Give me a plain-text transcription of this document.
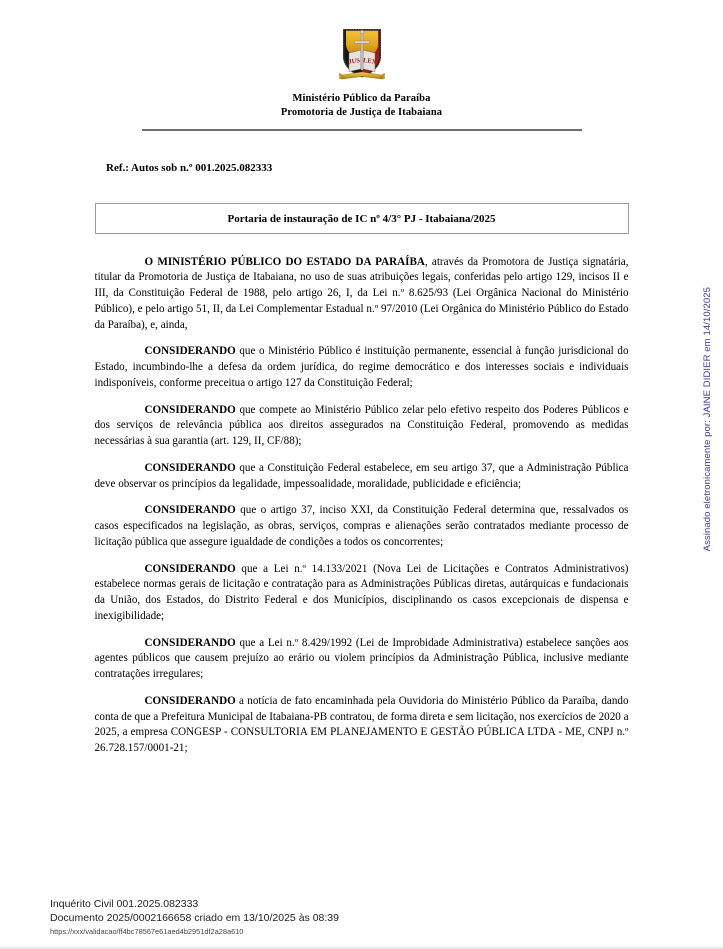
JUS LEX
Ministério Público da Paraíba
Promotoria de Justiça de Itabaiana
Ref.: Autos sob n.º 001.2025.082333
Portaria de instauração de IC nº 4/3° PJ - Itabaiana/2025

O MINISTÉRIO PÚBLICO DO ESTADO DA PARAÍBA, através da Promotora de Justiça signatária, titular da Promotoria de Justiça de Itabaiana, no uso de suas atribuições legais, conferidas pelo artigo 129, incisos II e III, da Constituição Federal de 1988, pelo artigo 26, I, da Lei n.º 8.625/93 (Lei Orgânica Nacional do Ministério Público), e pelo artigo 51, II, da Lei Complementar Estadual n.º 97/2010 (Lei Orgânica do Ministério Público do Estado da Paraíba), e, ainda,

CONSIDERANDO que o Ministério Público é instituição permanente, essencial à função jurisdicional do Estado, incumbindo-lhe a defesa da ordem jurídica, do regime democrático e dos interesses sociais e individuais indisponíveis, conforme preceitua o artigo 127 da Constituição Federal;

CONSIDERANDO que compete ao Ministério Público zelar pelo efetivo respeito dos Poderes Públicos e dos serviços de relevância pública aos direitos assegurados na Constituição Federal, promovendo as medidas necessárias à sua garantia (art. 129, II, CF/88);

CONSIDERANDO que a Constituição Federal estabelece, em seu artigo 37, que a Administração Pública deve observar os princípios da legalidade, impessoalidade, moralidade, publicidade e eficiência;

CONSIDERANDO que o artigo 37, inciso XXI, da Constituição Federal determina que, ressalvados os casos especificados na legislação, as obras, serviços, compras e alienações serão contratados mediante processo de licitação pública que assegure igualdade de condições a todos os concorrentes;

CONSIDERANDO que a Lei n.º 14.133/2021 (Nova Lei de Licitações e Contratos Administrativos) estabelece normas gerais de licitação e contratação para as Administrações Públicas diretas, autárquicas e fundacionais da União, dos Estados, do Distrito Federal e dos Municípios, disciplinando os casos excepcionais de dispensa e inexigibilidade;

CONSIDERANDO que a Lei n.º 8.429/1992 (Lei de Improbidade Administrativa) estabelece sanções aos agentes públicos que causem prejuízo ao erário ou violem princípios da Administração Pública, inclusive mediante contratações irregulares;

CONSIDERANDO a notícia de fato encaminhada pela Ouvidoria do Ministério Público da Paraíba, dando conta de que a Prefeitura Municipal de Itabaiana-PB contratou, de forma direta e sem licitação, nos exercícios de 2020 a 2025, a empresa CONGESP - CONSULTORIA EM PLANEJAMENTO E GESTÃO PÚBLICA LTDA - ME, CNPJ n.º 26.728.157/0001-21;

Assinado eletronicamente por: JAINE DIDIER em 14/10/2025
Inquérito Civil 001.2025.082333
Documento 2025/0002166658 criado em 13/10/2025 às 08:39
https://xxx/validacao/ff4bc78567e61aed4b2951df2a28a610
